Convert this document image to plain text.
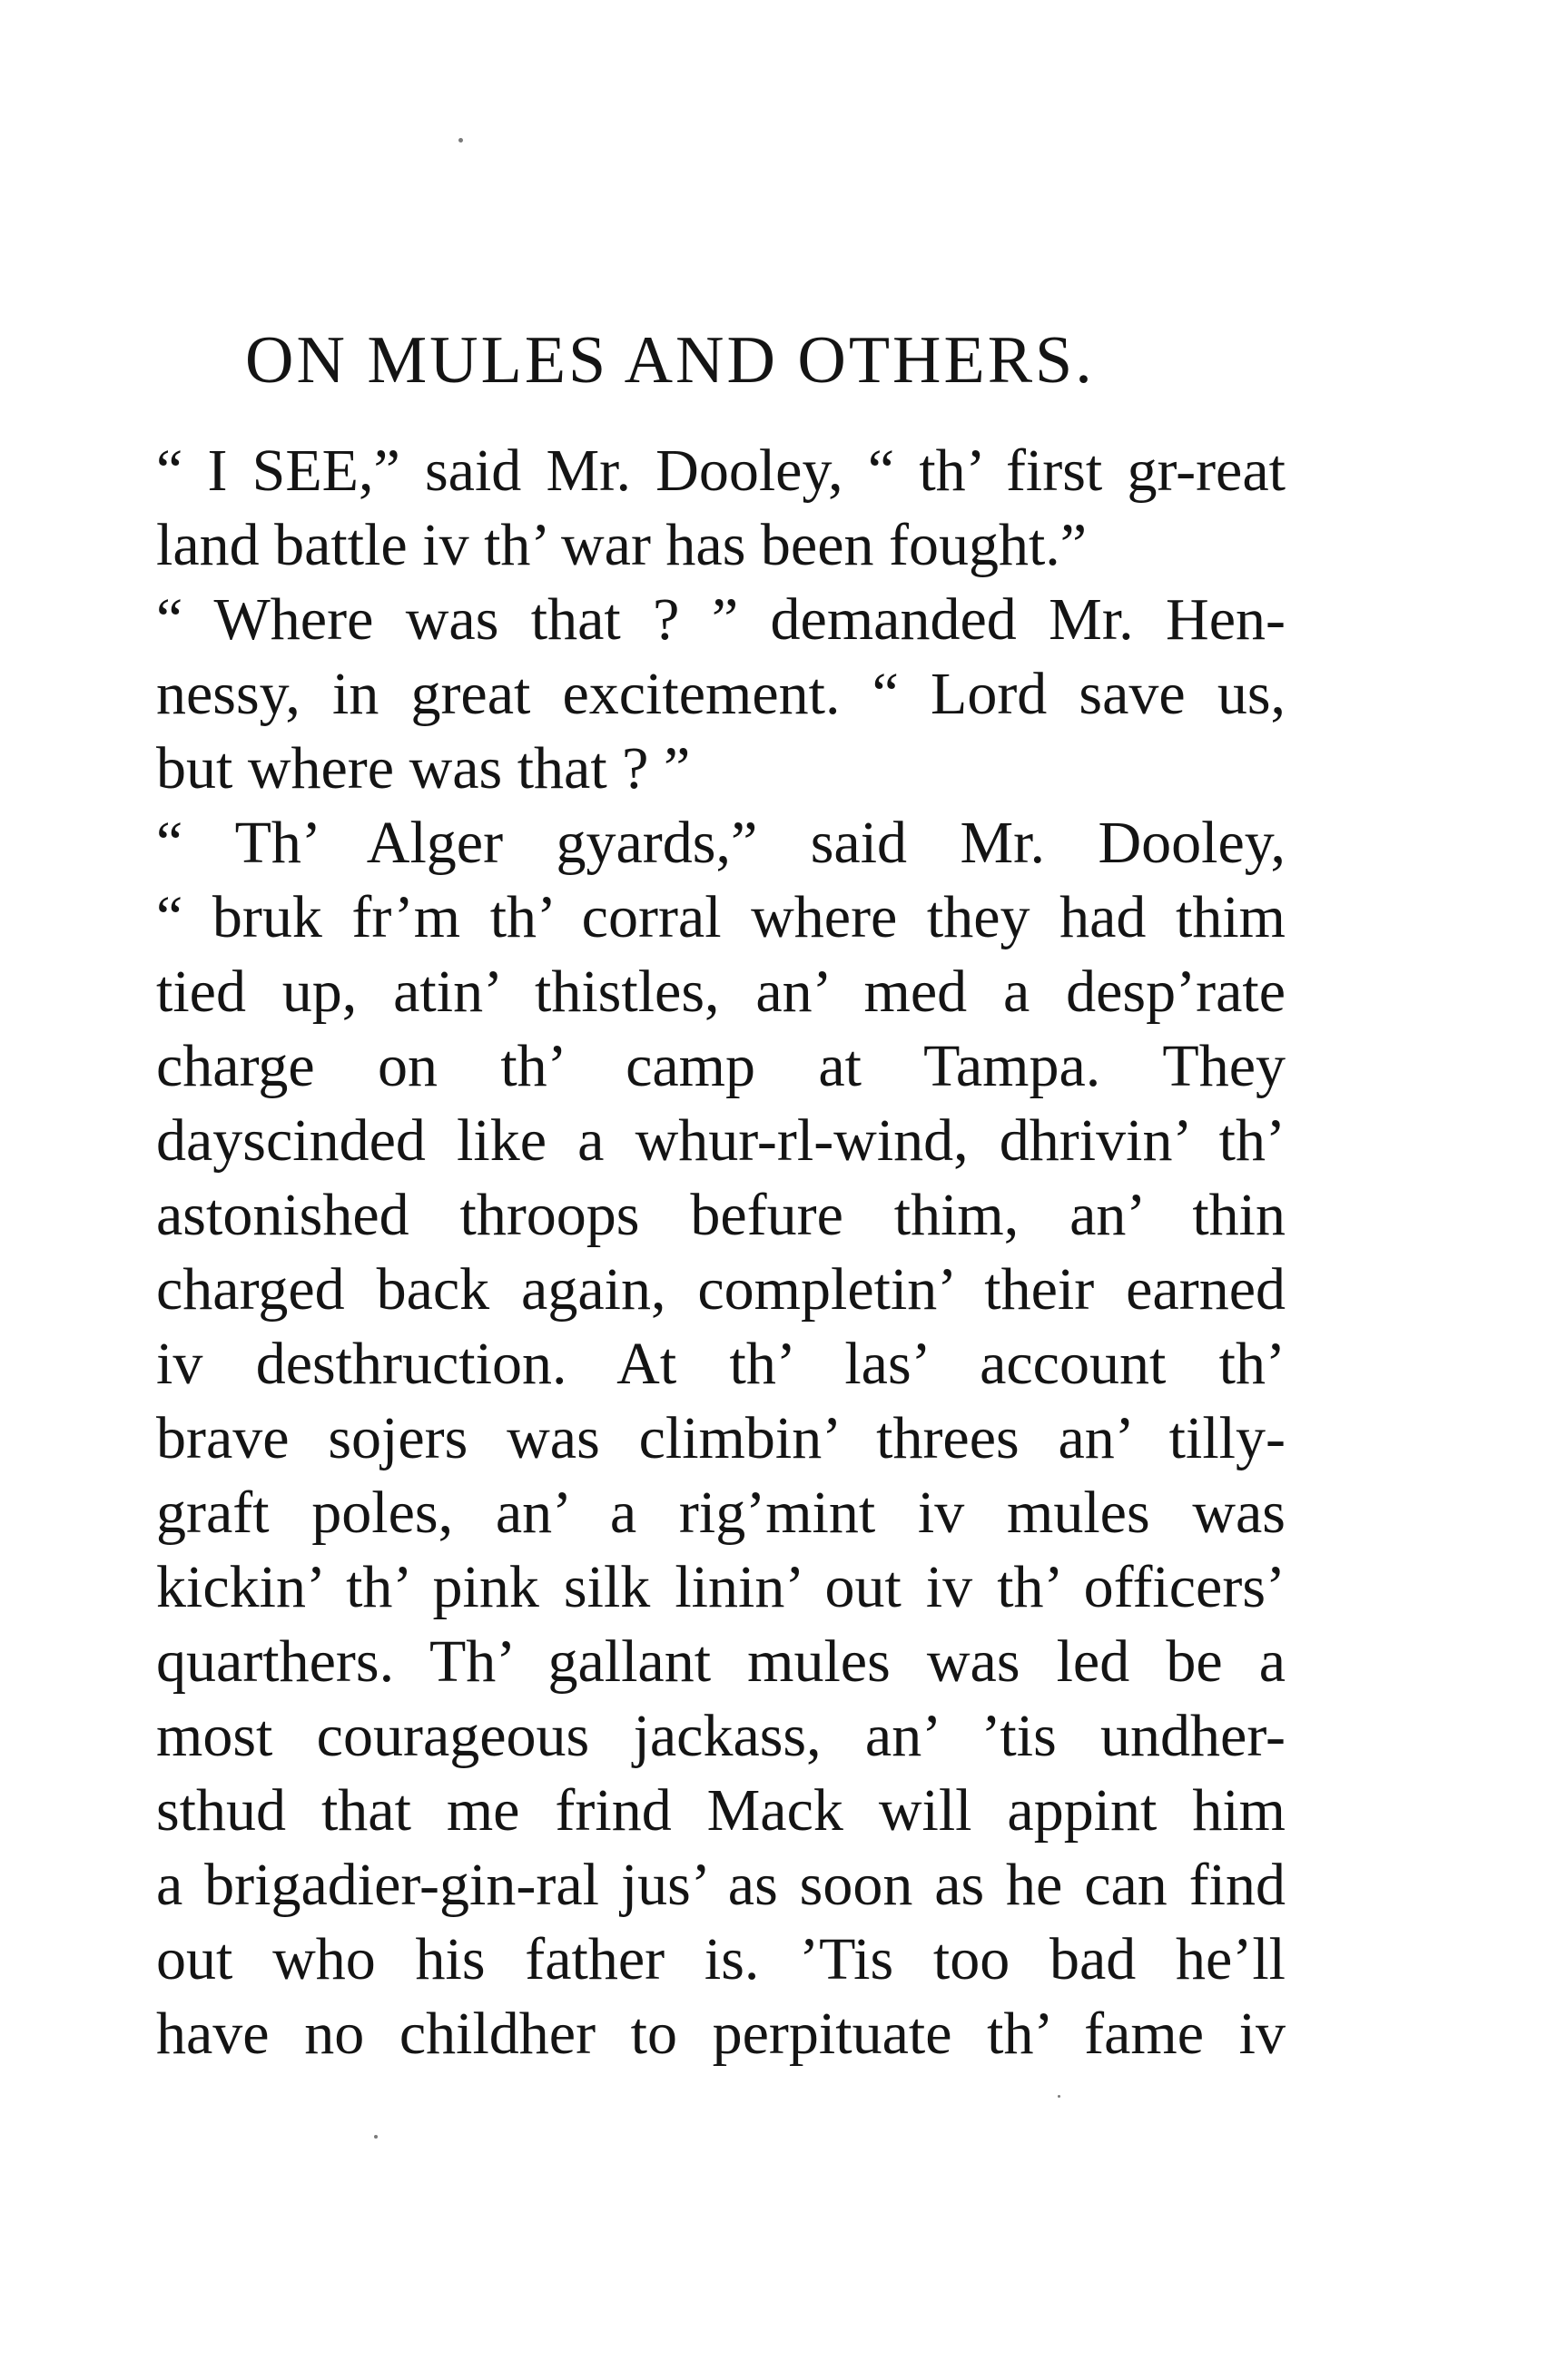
ON MULES AND OTHERS.
“ I SEE,” said Mr. Dooley, “ th’ first gr-reat
land battle iv th’ war has been fought.”
“ Where was that ? ” demanded Mr. Hen-
nessy, in great excitement. “ Lord save us,
but where was that ? ”
“ Th’ Alger gyards,” said Mr. Dooley,
“ bruk fr’m th’ corral where they had thim
tied up, atin’ thistles, an’ med a desp’rate
charge on th’ camp at Tampa. They
dayscinded like a whur-rl-wind, dhrivin’ th’
astonished throops befure thim, an’ thin
charged back again, completin’ their earned
iv desthruction. At th’ las’ account th’
brave sojers was climbin’ threes an’ tilly-
graft poles, an’ a rig’mint iv mules was
kickin’ th’ pink silk linin’ out iv th’ officers’
quarthers. Th’ gallant mules was led be a
most courageous jackass, an’ ’tis undher-
sthud that me frind Mack will appint him
a brigadier-gin-ral jus’ as soon as he can find
out who his father is. ’Tis too bad he’ll
have no childher to perpituate th’ fame iv
